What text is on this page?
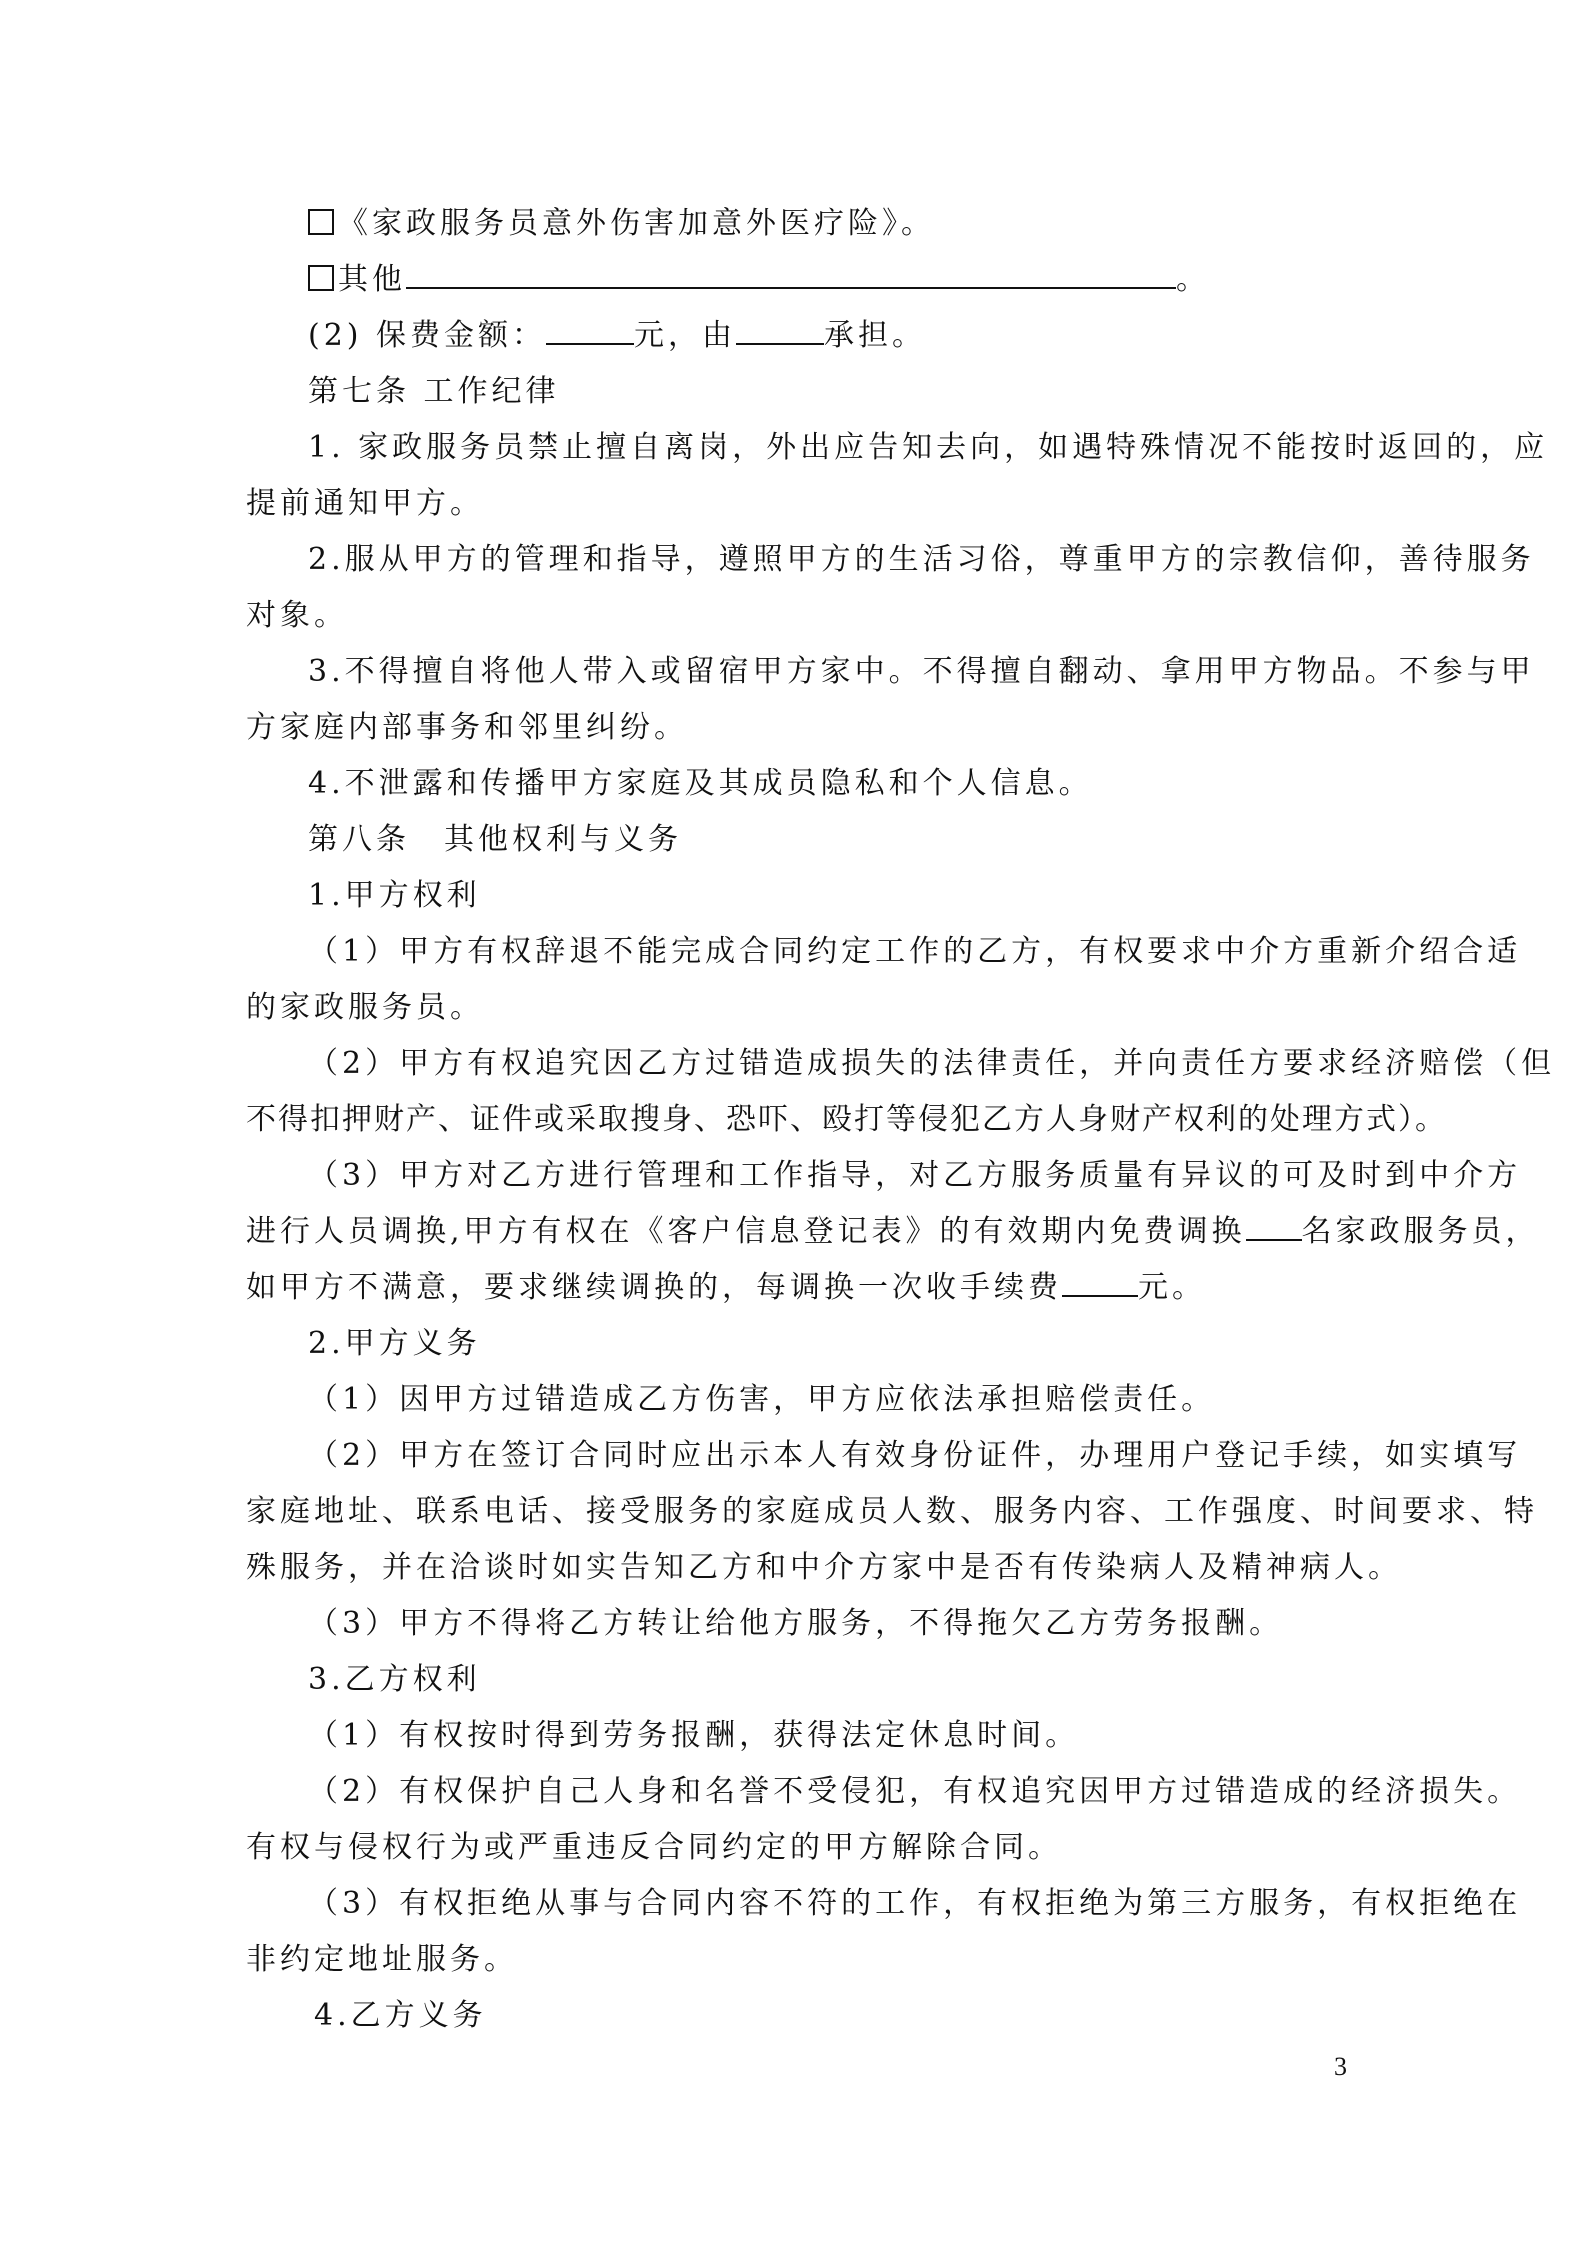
《家政服务员意外伤害加意外医疗险》。
其他	。
(2) 保费金额：	元，由	承担。
第七条 工作纪律
1. 家政服务员禁止擅自离岗，外出应告知去向，如遇特殊情况不能按时返回的，应
提前通知甲方。
2.服从甲方的管理和指导，遵照甲方的生活习俗，尊重甲方的宗教信仰，善待服务
对象。
3.不得擅自将他人带入或留宿甲方家中。不得擅自翻动、拿用甲方物品。不参与甲
方家庭内部事务和邻里纠纷。
4.不泄露和传播甲方家庭及其成员隐私和个人信息。
第八条　其他权利与义务
1.甲方权利
（1）甲方有权辞退不能完成合同约定工作的乙方，有权要求中介方重新介绍合适
的家政服务员。
（2）甲方有权追究因乙方过错造成损失的法律责任，并向责任方要求经济赔偿（但
不得扣押财产、证件或采取搜身、恐吓、殴打等侵犯乙方人身财产权利的处理方式）。
（3）甲方对乙方进行管理和工作指导，对乙方服务质量有异议的可及时到中介方
进行人员调换,甲方有权在《客户信息登记表》的有效期内免费调换 名家政服务员，
如甲方不满意，要求继续调换的，每调换一次收手续费	元。
2.甲方义务
（1）因甲方过错造成乙方伤害，甲方应依法承担赔偿责任。
（2）甲方在签订合同时应出示本人有效身份证件，办理用户登记手续，如实填写
家庭地址、联系电话、接受服务的家庭成员人数、服务内容、工作强度、时间要求、特
殊服务，并在洽谈时如实告知乙方和中介方家中是否有传染病人及精神病人。
（3）甲方不得将乙方转让给他方服务，不得拖欠乙方劳务报酬。
3.乙方权利
（1）有权按时得到劳务报酬，获得法定休息时间。
（2）有权保护自己人身和名誉不受侵犯，有权追究因甲方过错造成的经济损失。
有权与侵权行为或严重违反合同约定的甲方解除合同。
（3）有权拒绝从事与合同内容不符的工作，有权拒绝为第三方服务，有权拒绝在
非约定地址服务。
4.乙方义务
3
